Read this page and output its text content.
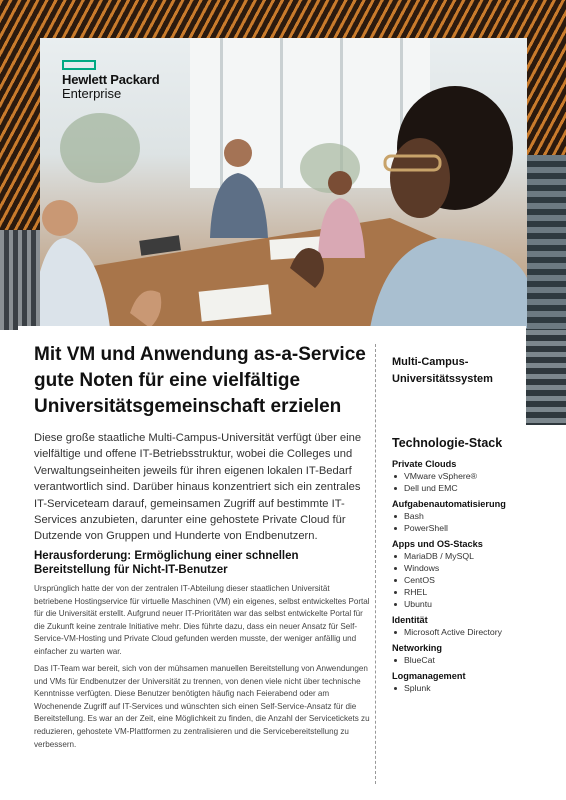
Hewlett Packard
Enterprise
Mit VM und Anwendung as-a-Service gute Noten für eine vielfältige Universitätsgemeinschaft erzielen

Diese große staatliche Multi-Campus-Universität verfügt über eine vielfältige und offene IT-Betriebsstruktur, wobei die Colleges und Verwaltungseinheiten jeweils für ihren eigenen lokalen IT-Bedarf verantwortlich sind. Darüber hinaus konzentriert sich ein zentrales IT-Serviceteam darauf, gemeinsamen Zugriff auf bestimmte IT-Services anzubieten, darunter eine gehostete Private Cloud für Dutzende von Gruppen und Hunderte von Endbenutzern.

Herausforderung: Ermöglichung einer schnellen Bereitstellung für Nicht-IT-Benutzer

Ursprünglich hatte der von der zentralen IT-Abteilung dieser staatlichen Universität betriebene Hostingservice für virtuelle Maschinen (VM) ein eigenes, selbst entwickeltes Portal für die Universität erstellt. Aufgrund neuer IT-Prioritäten war das selbst entwickelte Portal für die Zukunft keine zentrale Initiative mehr. Dies führte dazu, dass ein neuer Ansatz für Self-Service-VM-Hosting und Private Cloud gefunden werden musste, der weniger anfällig und einfacher zu warten war.

Das IT-Team war bereit, sich von der mühsamen manuellen Bereitstellung von Anwendungen und VMs für Endbenutzer der Universität zu trennen, von denen viele nicht über technische Kenntnisse verfügten. Diese Benutzer benötigten häufig nach Feierabend oder am Wochenende Zugriff auf IT-Services und wünschten sich einen Self-Service-Ansatz für die Bereitstellung. Es war an der Zeit, eine Möglichkeit zu finden, die Anzahl der Servicetickets zu reduzieren, gehostete VM-Plattformen zu zentralisieren und die Servicebereitstellung zu verbessern.

Multi-Campus-Universitätssystem
Technologie-Stack
Private Clouds
VMware vSphere®
Dell und EMC
Aufgabenautomatisierung
Bash
PowerShell
Apps und OS-Stacks
MariaDB / MySQL
Windows
CentOS
RHEL
Ubuntu
Identität
Microsoft Active Directory
Networking
BlueCat
Logmanagement
Splunk
